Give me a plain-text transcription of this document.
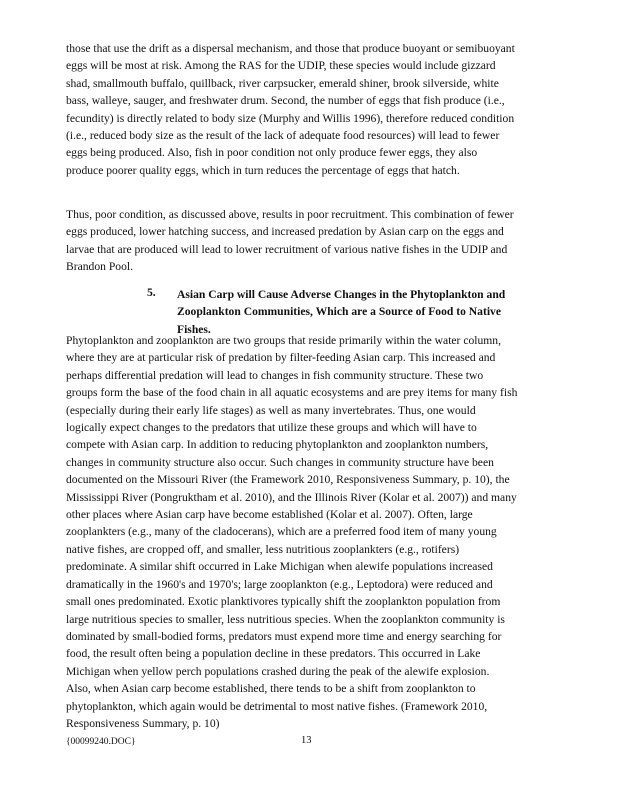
those that use the drift as a dispersal mechanism, and those that produce buoyant or semibuoyant
eggs will be most at risk. Among the RAS for the UDIP, these species would include gizzard
shad, smallmouth buffalo, quillback, river carpsucker, emerald shiner, brook silverside, white
bass, walleye, sauger, and freshwater drum. Second, the number of eggs that fish produce (i.e.,
fecundity) is directly related to body size (Murphy and Willis 1996), therefore reduced condition
(i.e., reduced body size as the result of the lack of adequate food resources) will lead to fewer
eggs being produced. Also, fish in poor condition not only produce fewer eggs, they also
produce poorer quality eggs, which in turn reduces the percentage of eggs that hatch.
Thus, poor condition, as discussed above, results in poor recruitment. This combination of fewer
eggs produced, lower hatching success, and increased predation by Asian carp on the eggs and
larvae that are produced will lead to lower recruitment of various native fishes in the UDIP and
Brandon Pool.
5. Asian Carp will Cause Adverse Changes in the Phytoplankton and
Zooplankton Communities, Which are a Source of Food to Native
Fishes.
Phytoplankton and zooplankton are two groups that reside primarily within the water column,
where they are at particular risk of predation by filter-feeding Asian carp. This increased and
perhaps differential predation will lead to changes in fish community structure. These two
groups form the base of the food chain in all aquatic ecosystems and are prey items for many fish
(especially during their early life stages) as well as many invertebrates. Thus, one would
logically expect changes to the predators that utilize these groups and which will have to
compete with Asian carp. In addition to reducing phytoplankton and zooplankton numbers,
changes in community structure also occur. Such changes in community structure have been
documented on the Missouri River (the Framework 2010, Responsiveness Summary, p. 10), the
Mississippi River (Pongruktham et al. 2010), and the Illinois River (Kolar et al. 2007)) and many
other places where Asian carp have become established (Kolar et al. 2007). Often, large
zooplankters (e.g., many of the cladocerans), which are a preferred food item of many young
native fishes, are cropped off, and smaller, less nutritious zooplankters (e.g., rotifers)
predominate. A similar shift occurred in Lake Michigan when alewife populations increased
dramatically in the 1960's and 1970's; large zooplankton (e.g., Leptodora) were reduced and
small ones predominated. Exotic planktivores typically shift the zooplankton population from
large nutritious species to smaller, less nutritious species. When the zooplankton community is
dominated by small-bodied forms, predators must expend more time and energy searching for
food, the result often being a population decline in these predators. This occurred in Lake
Michigan when yellow perch populations crashed during the peak of the alewife explosion.
Also, when Asian carp become established, there tends to be a shift from zooplankton to
phytoplankton, which again would be detrimental to most native fishes. (Framework 2010,
Responsiveness Summary, p. 10)
{00099240.DOC}	13
